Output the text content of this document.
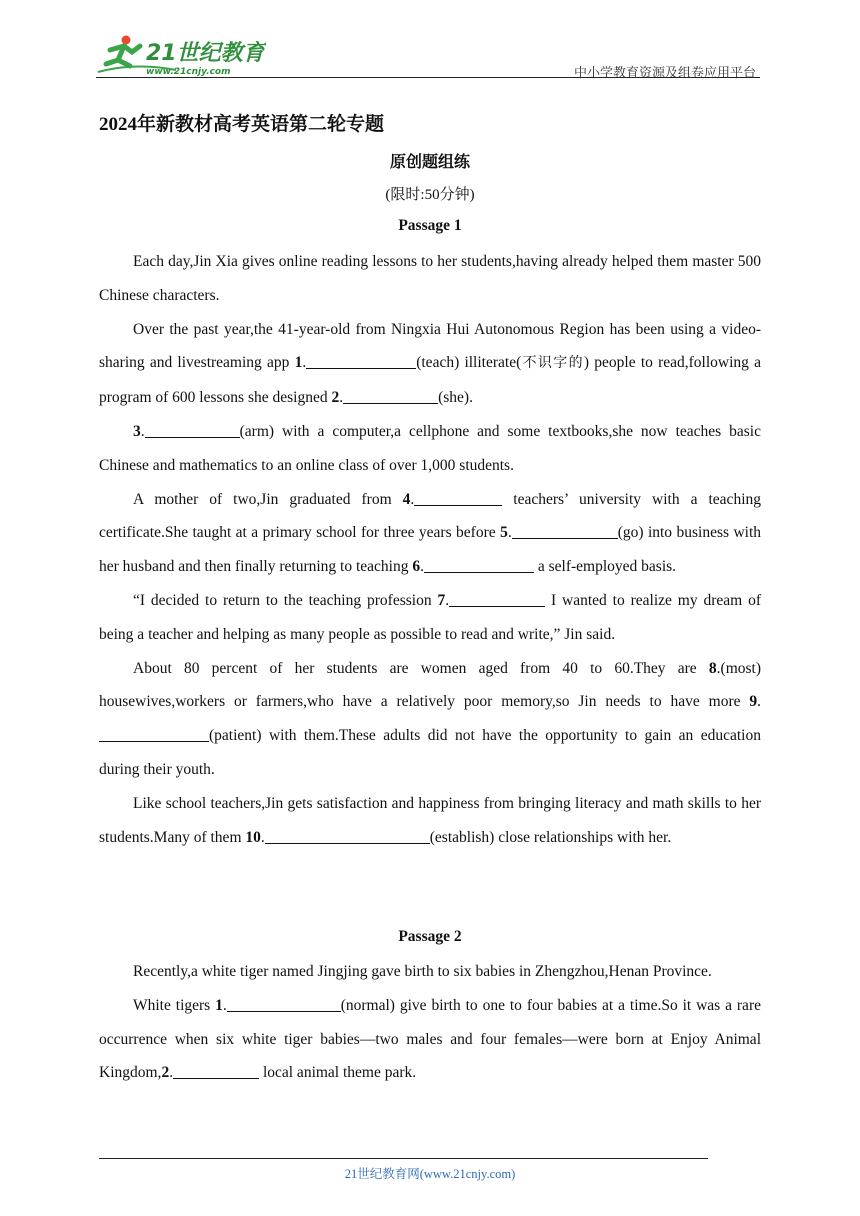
21世纪教育
www.21cnjy.com	中小学教育资源及组卷应用平台
2024年新教材高考英语第二轮专题
原创题组练
(限时:50分钟)
Passage 1

Each day,Jin Xia gives online reading lessons to her students,having already helped them master 500 Chinese characters.

Over the past year,the 41-year-old from Ningxia Hui Autonomous Region has been using a video-sharing and livestreaming app 1.	(teach) illiterate(不识字的) people to read,following a program of 600 lessons she designed 2.	(she).

3.	(arm) with a computer,a cellphone and some textbooks,she now teaches basic Chinese and mathematics to an online class of over 1,000 students.

A mother of two,Jin graduated from 4.	teachers’ university with a teaching certificate.She taught at a primary school for three years before 5.	(go) into business with her husband and then finally returning to teaching 6.	a self-employed basis.

“I decided to return to the teaching profession 7.	I wanted to realize my dream of being a teacher and helping as many people as possible to read and write,” Jin said.

About 80 percent of her students are women aged from 40 to 60.They are 8.(most) housewives,workers or farmers,who have a relatively poor memory,so Jin needs to have more 9.(patient) with them.These adults did not have the opportunity to gain an education during their youth.

Like school teachers,Jin gets satisfaction and happiness from bringing literacy and math skills to her students.Many of them 10.	(establish) close relationships with her.

Passage 2

Recently,a white tiger named Jingjing gave birth to six babies in Zhengzhou,Henan Province.

White tigers 1.	(normal) give birth to one to four babies at a time.So it was a rare occurrence when six white tiger babies—two males and four females—were born at Enjoy Animal Kingdom,2.	local animal theme park.

21世纪教育网(www.21cnjy.com)
